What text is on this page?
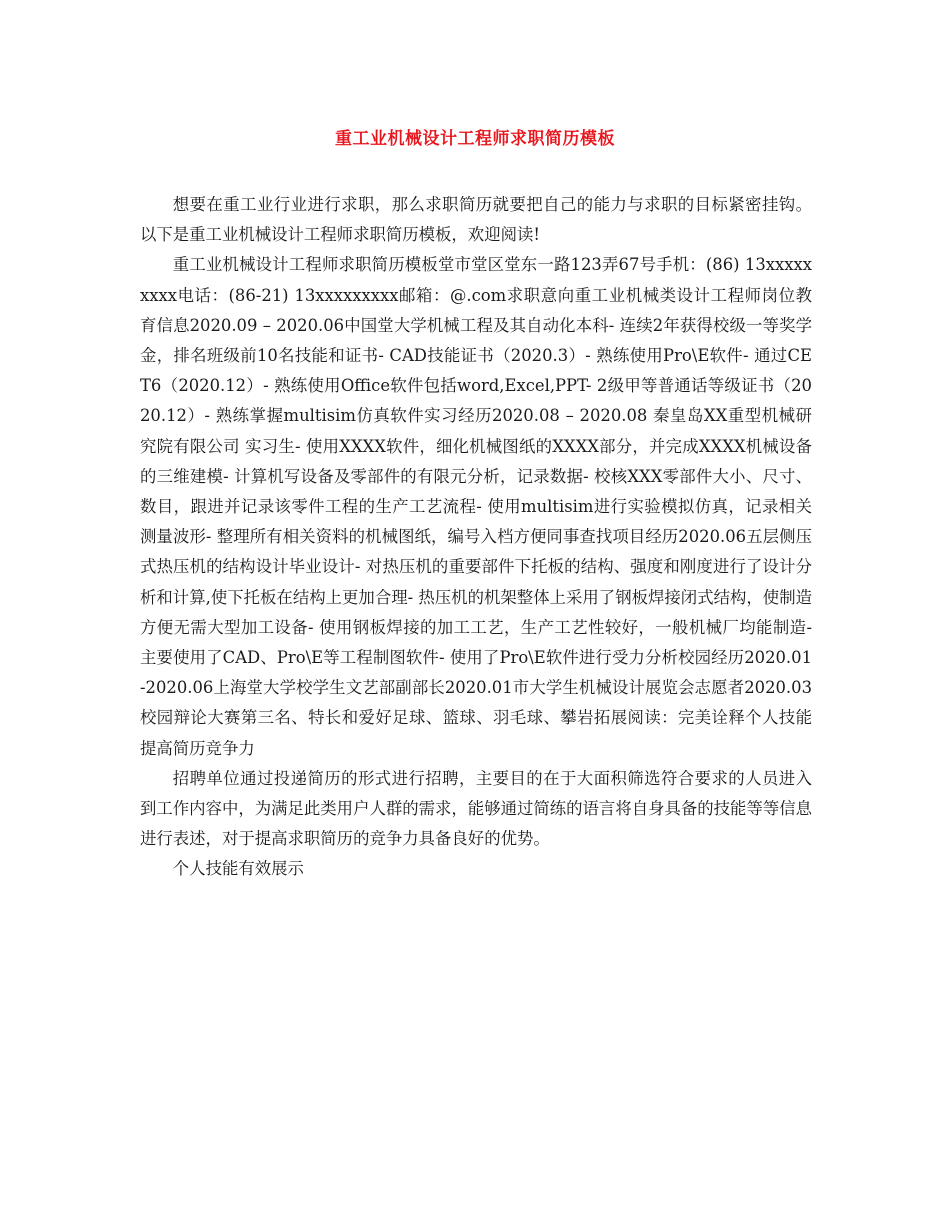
重工业机械设计工程师求职简历模板

想要在重工业行业进行求职，那么求职简历就要把自己的能力与求职的目标紧密挂钩。以下是重工业机械设计工程师求职简历模板，欢迎阅读!

重工业机械设计工程师求职简历模板堂市堂区堂东一路123弄67号手机：(86) 13xxxxxxxxx电话：(86-21) 13xxxxxxxxx邮箱：@.com求职意向重工业机械类设计工程师岗位教育信息2020.09 – 2020.06中国堂大学机械工程及其自动化本科- 连续2年获得校级一等奖学金，排名班级前10名技能和证书- CAD技能证书（2020.3）- 熟练使用Pro\E软件- 通过CET6（2020.12）- 熟练使用Office软件包括word,Excel,PPT- 2级甲等普通话等级证书（2020.12）- 熟练掌握multisim仿真软件实习经历2020.08 – 2020.08 秦皇岛XX重型机械研究院有限公司 实习生- 使用XXXX软件，细化机械图纸的XXXX部分，并完成XXXX机械设备的三维建模- 计算机写设备及零部件的有限元分析，记录数据- 校核XXX零部件大小、尺寸、数目，跟进并记录该零件工程的生产工艺流程- 使用multisim进行实验模拟仿真，记录相关测量波形- 整理所有相关资料的机械图纸，编号入档方便同事查找项目经历2020.06五层侧压式热压机的结构设计毕业设计- 对热压机的重要部件下托板的结构、强度和刚度进行了设计分析和计算,使下托板在结构上更加合理- 热压机的机架整体上采用了钢板焊接闭式结构，使制造方便无需大型加工设备- 使用钢板焊接的加工工艺，生产工艺性较好，一般机械厂均能制造- 主要使用了CAD、Pro\E等工程制图软件- 使用了Pro\E软件进行受力分析校园经历2020.01-2020.06上海堂大学校学生文艺部副部长2020.01市大学生机械设计展览会志愿者2020.03 校园辩论大赛第三名、特长和爱好足球、篮球、羽毛球、攀岩拓展阅读：完美诠释个人技能 提高简历竞争力

招聘单位通过投递简历的形式进行招聘，主要目的在于大面积筛选符合要求的人员进入到工作内容中，为满足此类用户人群的需求，能够通过简练的语言将自身具备的技能等等信息进行表述，对于提高求职简历的竞争力具备良好的优势。

个人技能有效展示
